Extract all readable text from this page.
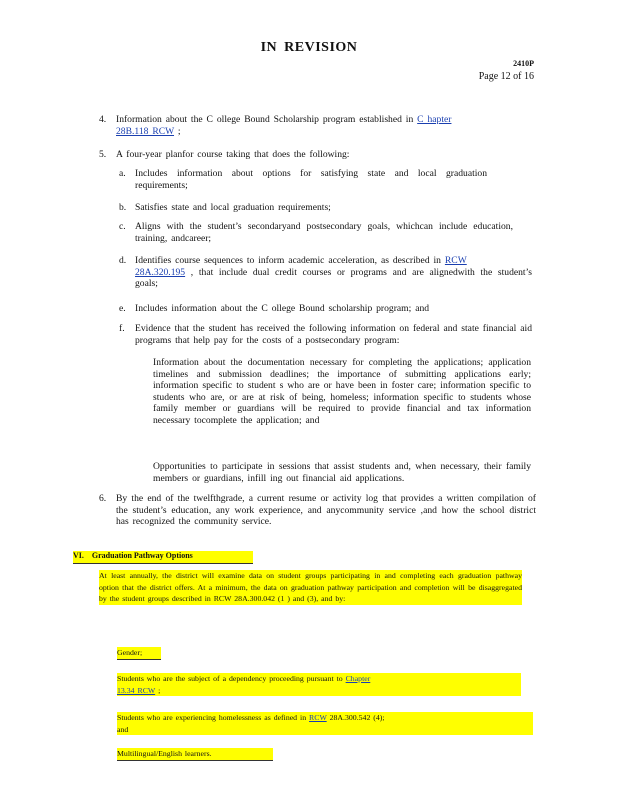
IN REVISION
2410P
Page 12 of 16
4. Information about the C ollege Bound Scholarship program established in C hapter
28B.118 RCW ;
5. A four-year planfor course taking that does the following:
a. Includes information about options for satisfying state and local graduation requirements;
b. Satisfies state and local graduation requirements;
c. Aligns with the student’s secondaryand postsecondary goals, whichcan include education, training, andcareer;
d. Identifies course sequences to inform academic acceleration, as described in RCW
28A.320.195 , that include dual credit courses or programs and are alignedwith the student’s goals;
e. Includes information about the C ollege Bound scholarship program; and
f. Evidence that the student has received the following information on federal and state financial aid programs that help pay for the costs of a postsecondary program:
Information about the documentation necessary for completing the applications; application timelines and submission deadlines; the importance of submitting applications early; information specific to student s who are or have been in foster care; information specific to students who are, or are at risk of being, homeless; information specific to students whose family member or guardians will be required to provide financial and tax information necessary tocomplete the application; and
Opportunities to participate in sessions that assist students and, when necessary, their family members or guardians, infill ing out financial aid applications.
6. By the end of the twelfthgrade, a current resume or activity log that provides a written compilation of the student’s education, any work experience, and anycommunity service ,and how the school district has recognized the community service.
VI. Graduation Pathway Options
At least annually, the district will examine data on student groups participating in and completing each graduation pathway option that the district offers. At a minimum, the data on graduation pathway participation and completion will be disaggregated by the student groups described in RCW 28A.300.042 (1 ) and (3), and by:
Gender;
Students who are the subject of a dependency proceeding pursuant to Chapter
13.34 RCW ;
Students who are experiencing homelessness as defined in RCW 28A.300.542 (4);
and
Multilingual/English learners.
